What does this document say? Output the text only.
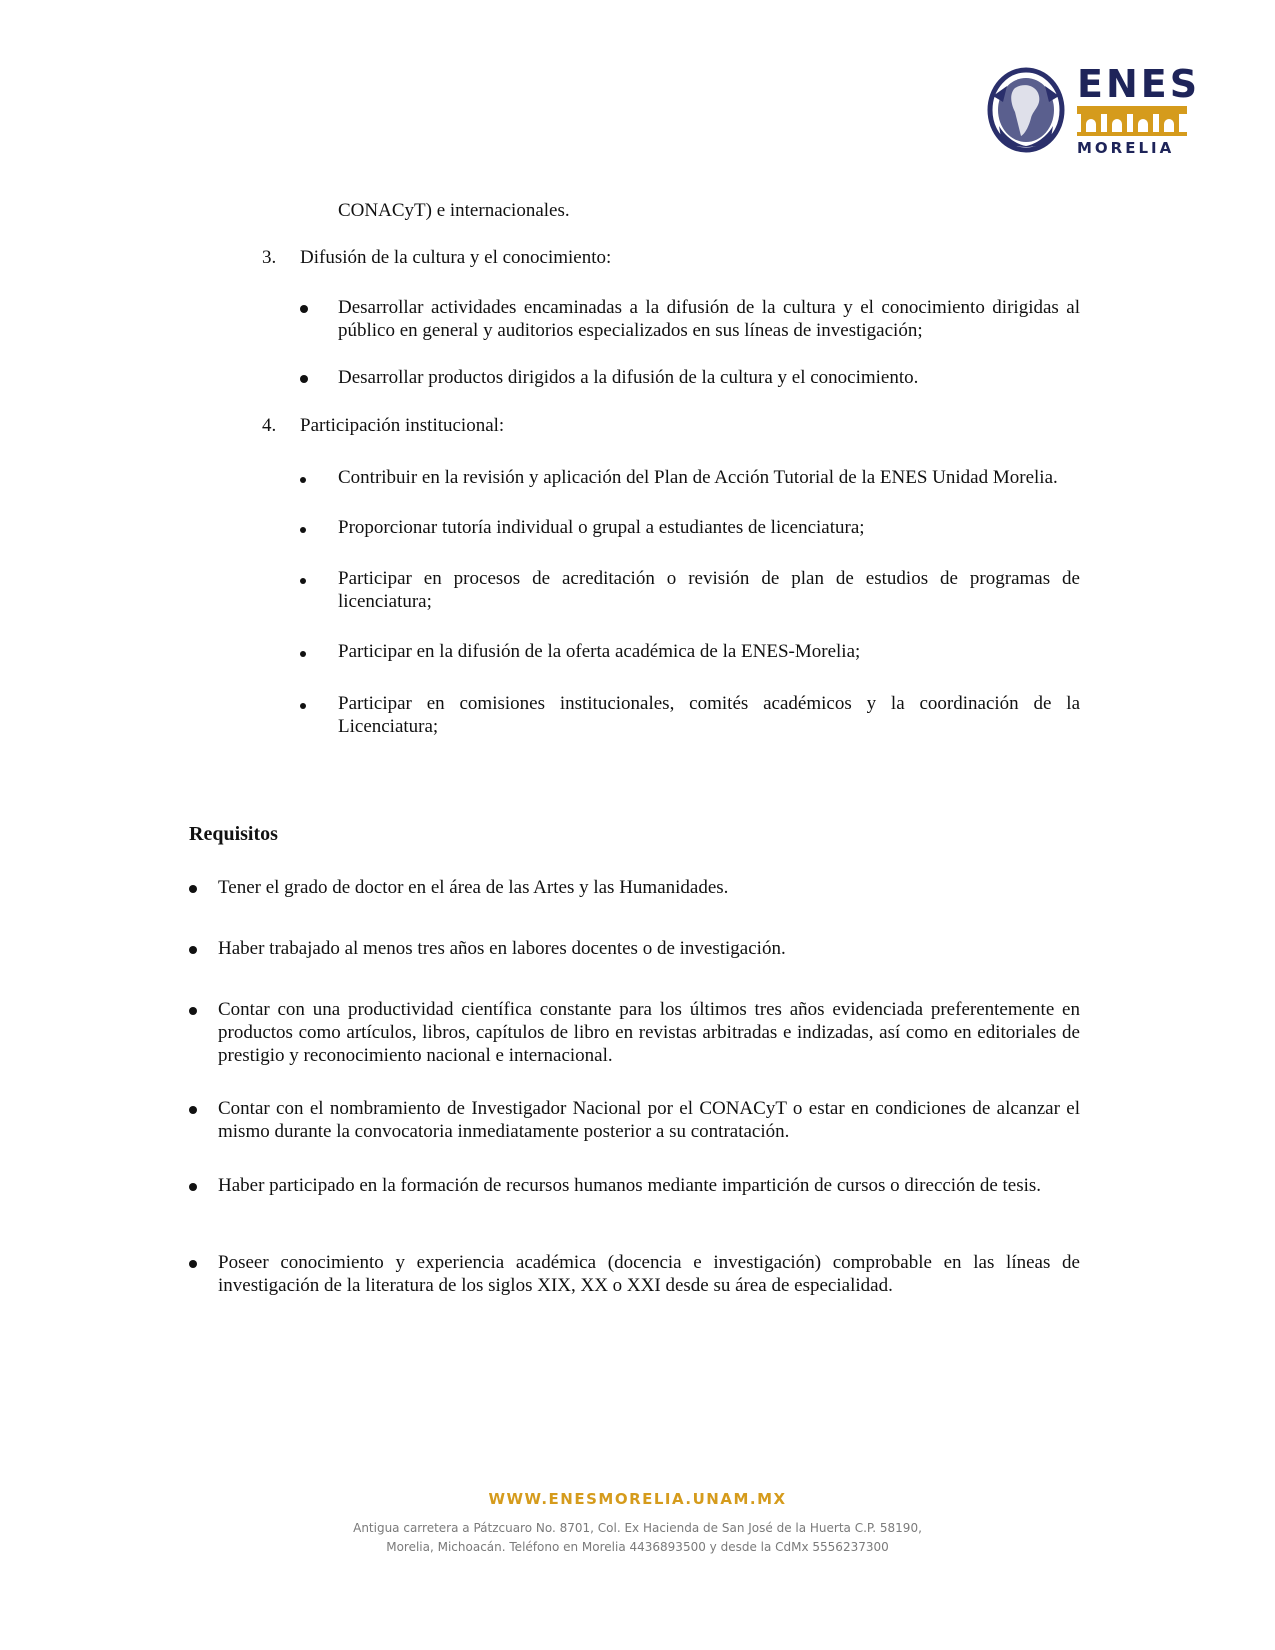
ENES
MORELIA
CONACyT) e internacionales.
3. Difusión de la cultura y el conocimiento:
Desarrollar actividades encaminadas a la difusión de la cultura y el conocimiento dirigidas al público en general y auditorios especializados en sus líneas de investigación;
Desarrollar productos dirigidos a la difusión de la cultura y el conocimiento.
4. Participación institucional:
Contribuir en la revisión y aplicación del Plan de Acción Tutorial de la ENES Unidad Morelia.
Proporcionar tutoría individual o grupal a estudiantes de licenciatura;
Participar en procesos de acreditación o revisión de plan de estudios de programas de licenciatura;
Participar en la difusión de la oferta académica de la ENES-Morelia;
Participar en comisiones institucionales, comités académicos y la coordinación de la Licenciatura;
Requisitos
Tener el grado de doctor en el área de las Artes y las Humanidades.
Haber trabajado al menos tres años en labores docentes o de investigación.
Contar con una productividad científica constante para los últimos tres años evidenciada preferentemente en productos como artículos, libros, capítulos de libro en revistas arbitradas e indizadas, así como en editoriales de prestigio y reconocimiento nacional e internacional.
Contar con el nombramiento de Investigador Nacional por el CONACyT o estar en condiciones de alcanzar el mismo durante la convocatoria inmediatamente posterior a su contratación.
Haber participado en la formación de recursos humanos mediante impartición de cursos o dirección de tesis.
Poseer conocimiento y experiencia académica (docencia e investigación) comprobable en las líneas de investigación de la literatura de los siglos XIX, XX o XXI desde su área de especialidad.
WWW.ENESMORELIA.UNAM.MX
Antigua carretera a Pátzcuaro No. 8701, Col. Ex Hacienda de San José de la Huerta C.P. 58190,
Morelia, Michoacán. Teléfono en Morelia 4436893500 y desde la CdMx 5556237300
